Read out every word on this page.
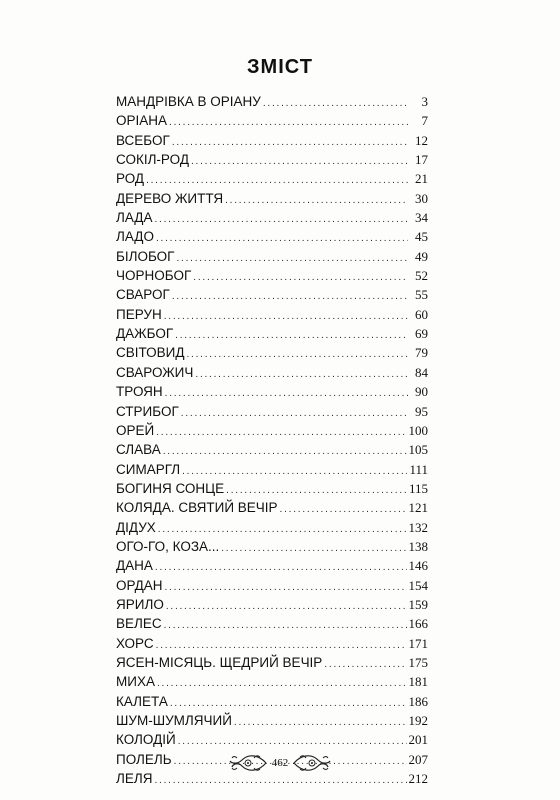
ЗМІСТ
МАНДРІВКА В ОРІАНУ . . .	3
ОРІАНА . . .	7
ВСЕБОГ . . .	12
СОКІЛ-РОД . . .	17
РОД . . .	21
ДЕРЕВО ЖИТТЯ . . .	30
ЛАДА . . .	34
ЛАДО . . .	45
БІЛОБОГ . . .	49
ЧОРНОБОГ . . .	52
СВАРОГ . . .	55
ПЕРУН . . .	60
ДАЖБОГ . . .	69
СВІТОВИД . . .	79
СВАРОЖИЧ . . .	84
ТРОЯН . . .	90
СТРИБОГ . . .	95
ОРЕЙ . . .	100
СЛАВА . . .	105
СИМАРГЛ . . .	111
БОГИНЯ СОНЦЕ . . .	115
КОЛЯДА. СВЯТИЙ ВЕЧІР . . .	121
ДІДУХ . . .	132
ОГО-ГО, КОЗА... . . .	138
ДАНА . . .	146
ОРДАН . . .	154
ЯРИЛО . . .	159
ВЕЛЕС . . .	166
ХОРС . . .	171
ЯСЕН-МІСЯЦЬ. ЩЕДРИЙ ВЕЧІР . . .	175
МИХА . . .	181
КАЛЕТА . . .	186
ШУМ-ШУМЛЯЧИЙ . . .	192
КОЛОДІЙ . . .	201
ПОЛЕЛЬ . . .	207
ЛЕЛЯ . . .	212
462
